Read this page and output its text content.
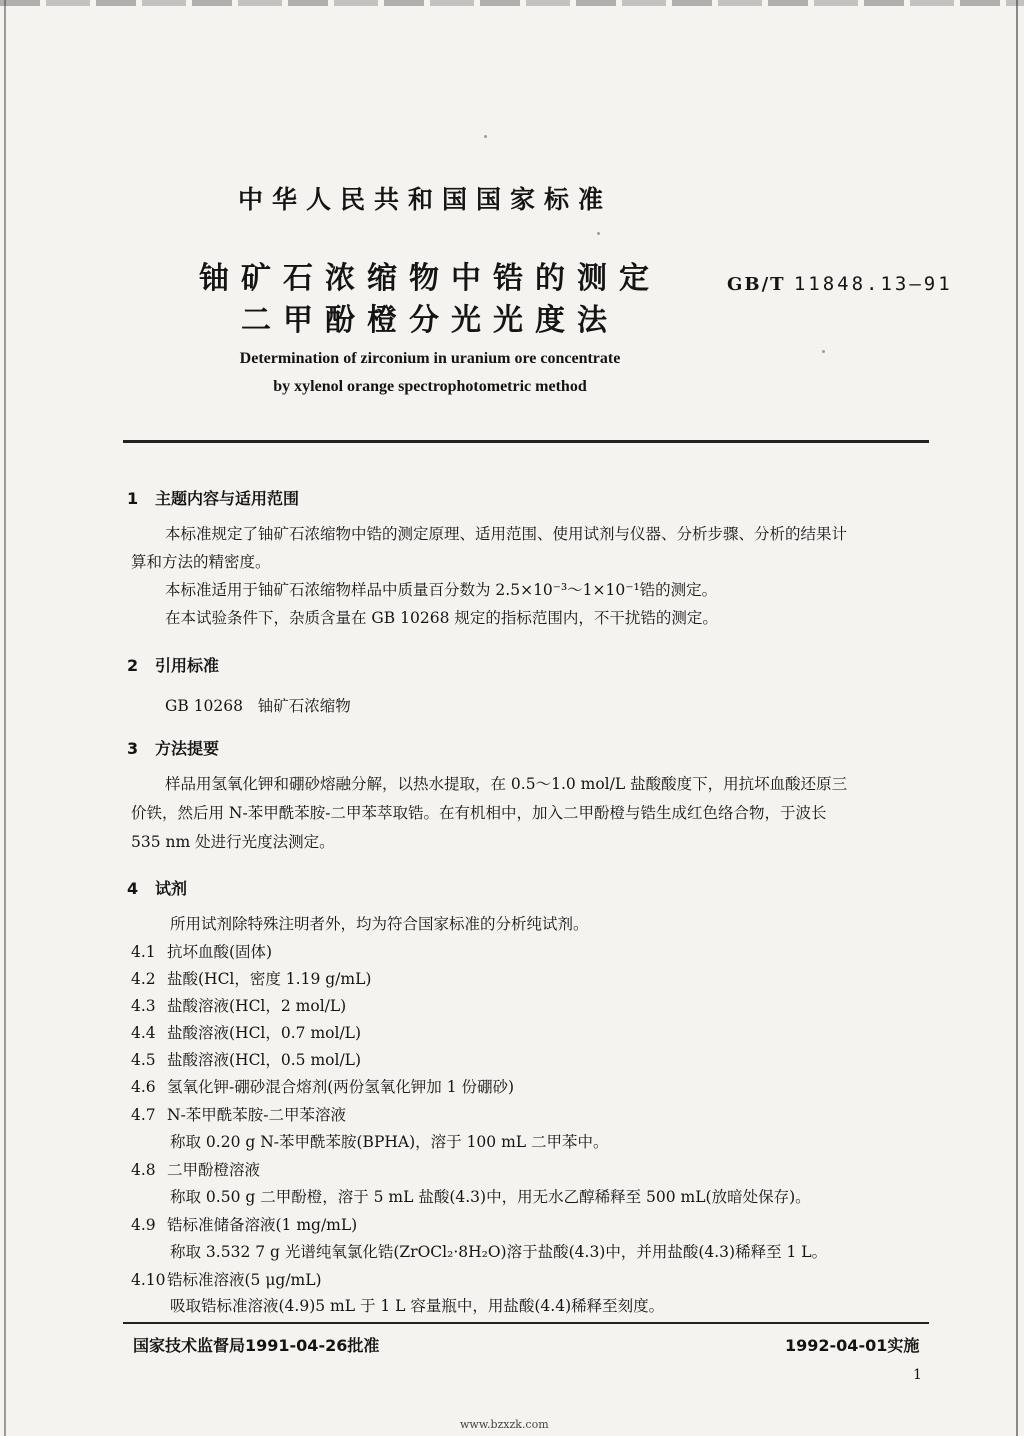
中华人民共和国国家标准
铀矿石浓缩物中锆的测定
二甲酚橙分光光度法
GB/T 11848.13—91
Determination of zirconium in uranium ore concentrate
by xylenol orange spectrophotometric method
1 主题内容与适用范围
本标准规定了铀矿石浓缩物中锆的测定原理、适用范围、使用试剂与仪器、分析步骤、分析的结果计
算和方法的精密度。
本标准适用于铀矿石浓缩物样品中质量百分数为 2.5×10⁻³～1×10⁻¹锆的测定。
在本试验条件下，杂质含量在 GB 10268 规定的指标范围内，不干扰锆的测定。
2 引用标准
GB 10268   铀矿石浓缩物
3 方法提要
样品用氢氧化钾和硼砂熔融分解，以热水提取，在 0.5～1.0 mol/L 盐酸酸度下，用抗坏血酸还原三
价铁，然后用 N-苯甲酰苯胺-二甲苯萃取锆。在有机相中，加入二甲酚橙与锆生成红色络合物，于波长
535 nm 处进行光度法测定。
4 试剂
所用试剂除特殊注明者外，均为符合国家标准的分析纯试剂。
4.1 抗坏血酸(固体)
4.2 盐酸(HCl，密度 1.19 g/mL)
4.3 盐酸溶液(HCl，2 mol/L)
4.4 盐酸溶液(HCl，0.7 mol/L)
4.5 盐酸溶液(HCl，0.5 mol/L)
4.6 氢氧化钾-硼砂混合熔剂(两份氢氧化钾加 1 份硼砂)
4.7 N-苯甲酰苯胺-二甲苯溶液
称取 0.20 g N-苯甲酰苯胺(BPHA)，溶于 100 mL 二甲苯中。
4.8 二甲酚橙溶液
称取 0.50 g 二甲酚橙，溶于 5 mL 盐酸(4.3)中，用无水乙醇稀释至 500 mL(放暗处保存)。
4.9 锆标准储备溶液(1 mg/mL)
称取 3.532 7 g 光谱纯氧氯化锆(ZrOCl₂·8H₂O)溶于盐酸(4.3)中，并用盐酸(4.3)稀释至 1 L。
4.10锆标准溶液(5 μg/mL)
吸取锆标准溶液(4.9)5 mL 于 1 L 容量瓶中，用盐酸(4.4)稀释至刻度。
国家技术监督局1991-04-26批准	1992-04-01实施
1
www.bzxzk.com
